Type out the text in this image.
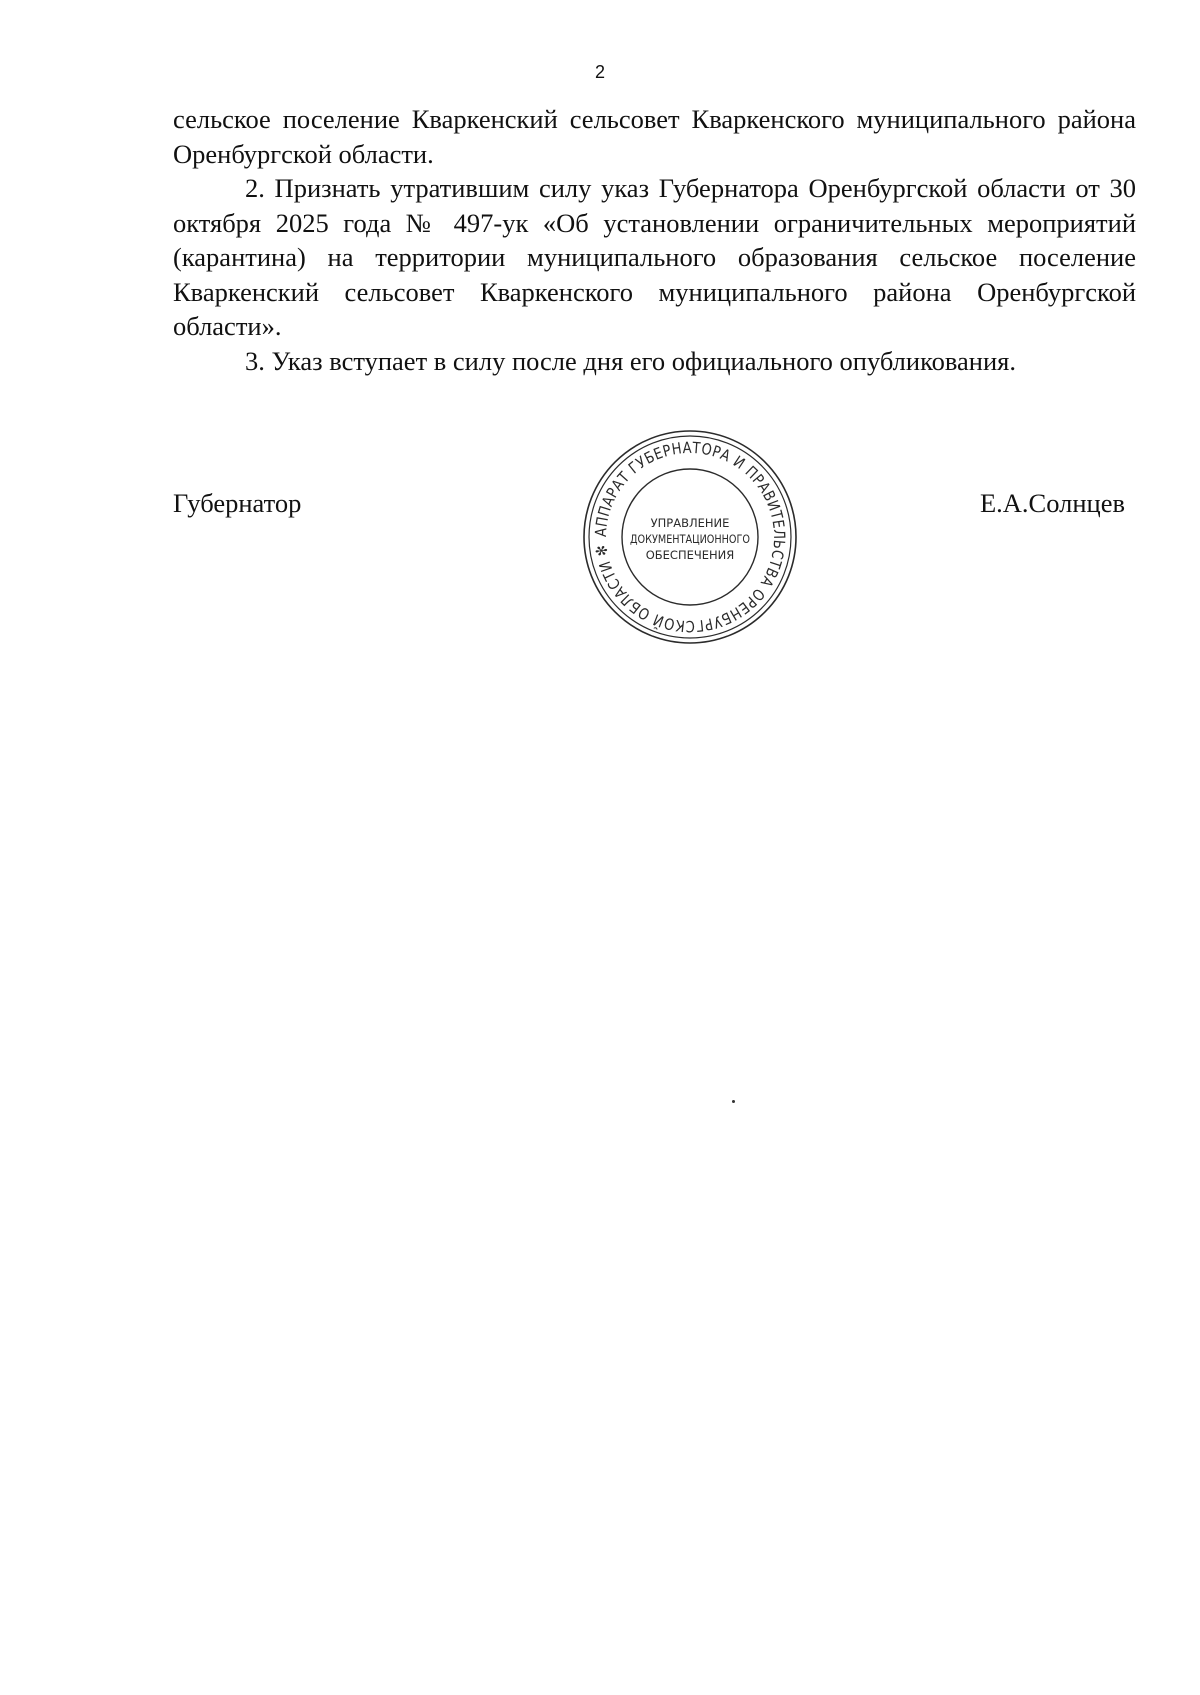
2

сельское поселение Кваркенский сельсовет Кваркенского муниципального района Оренбургской области.

2. Признать утратившим силу указ Губернатора Оренбургской области от 30 октября 2025 года № 497-ук «Об установлении ограничительных мероприятий (карантина) на территории муниципального образования сельское поселение Кваркенский сельсовет Кваркенского муниципального района Оренбургской области».

3. Указ вступает в силу после дня его официального опубликования.

Губернатор	Е.А.Солнцев
АППАРАТ ГУБЕРНАТОРА И ПРАВИТЕЛЬСТВА ОРЕНБУРГСКОЙ ОБЛАСТИ ✻
УПРАВЛЕНИЕ
ДОКУМЕНТАЦИОННОГО
ОБЕСПЕЧЕНИЯ
